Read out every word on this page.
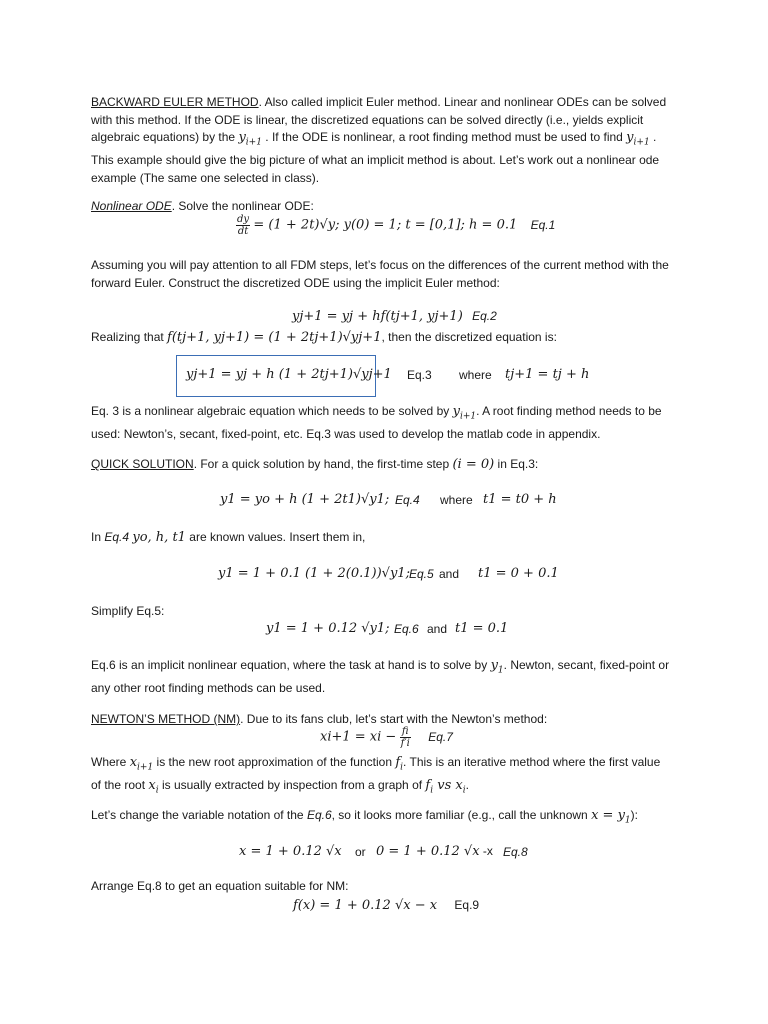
BACKWARD EULER METHOD. Also called implicit Euler method. Linear and nonlinear ODEs can be solved with this method. If the ODE is linear, the discretized equations can be solved directly (i.e., yields explicit algebraic equations) by the $y_{i+1}$ . If the ODE is nonlinear, a root finding method must be used to find $y_{i+1}$ . This example should give the big picture of what an implicit method is about. Let’s work out a nonlinear ode example (The same one selected in class).
Nonlinear ODE. Solve the nonlinear ODE:
$\frac{dy}{dt} = (1 + 2t)√y$; y(0) = 1; t = [0,1]; h = 0.1 Eq.1
Assuming you will pay attention to all FDM steps, let’s focus on the differences of the current method with the forward Euler. Construct the discretized ODE using the implicit Euler method:
yj+1 = yj + hf(tj+1, yj+1) Eq.2
Realizing that f(tj+1, yj+1) = (1 + 2tj+1)√yj+1, then the discretized equation is:
yj+1 = yj + h (1 + 2tj+1)√yj+1 Eq.3 where tj+1 = tj + h
Eq. 3 is a nonlinear algebraic equation which needs to be solved by $y_{i+1}$. A root finding method needs to be used: Newton’s, secant, fixed-point, etc. Eq.3 was used to develop the matlab code in appendix.
QUICK SOLUTION. For a quick solution by hand, the first-time step (i = 0) in Eq.3:
y1 = yo + h (1 + 2t1)√y1; Eq.4 where t1 = t0 + h
In Eq.4 yo, h, t1 are known values. Insert them in,
y1 = 1 + 0.1 (1 + 2(0.1))√y1; Eq.5 and t1 = 0 + 0.1
Simplify Eq.5:
y1 = 1 + 0.12 √y1; Eq.6 and t1 = 0.1
Eq.6 is an implicit nonlinear equation, where the task at hand is to solve by $y_1$. Newton, secant, fixed-point or any other root finding methods can be used.
NEWTON’S METHOD (NM). Due to its fans club, let’s start with the Newton’s method:
xi+1 = xi − $\frac{fi}{f'i} Eq.7$
Where $x_{i+1}$ is the new root approximation of the function $f_i$. This is an iterative method where the first value of the root $x_i$ is usually extracted by inspection from a graph of $f_i$ vs $x_i$.
Let’s change the variable notation of the Eq.6, so it looks more familiar (e.g., call the unknown $x = y_1$):
x = 1 + 0.12 √x or 0 = 1 + 0.12 √x -x Eq.8
Arrange Eq.8 to get an equation suitable for NM:
f(x) = 1 + 0.12 √x − x Eq.9
